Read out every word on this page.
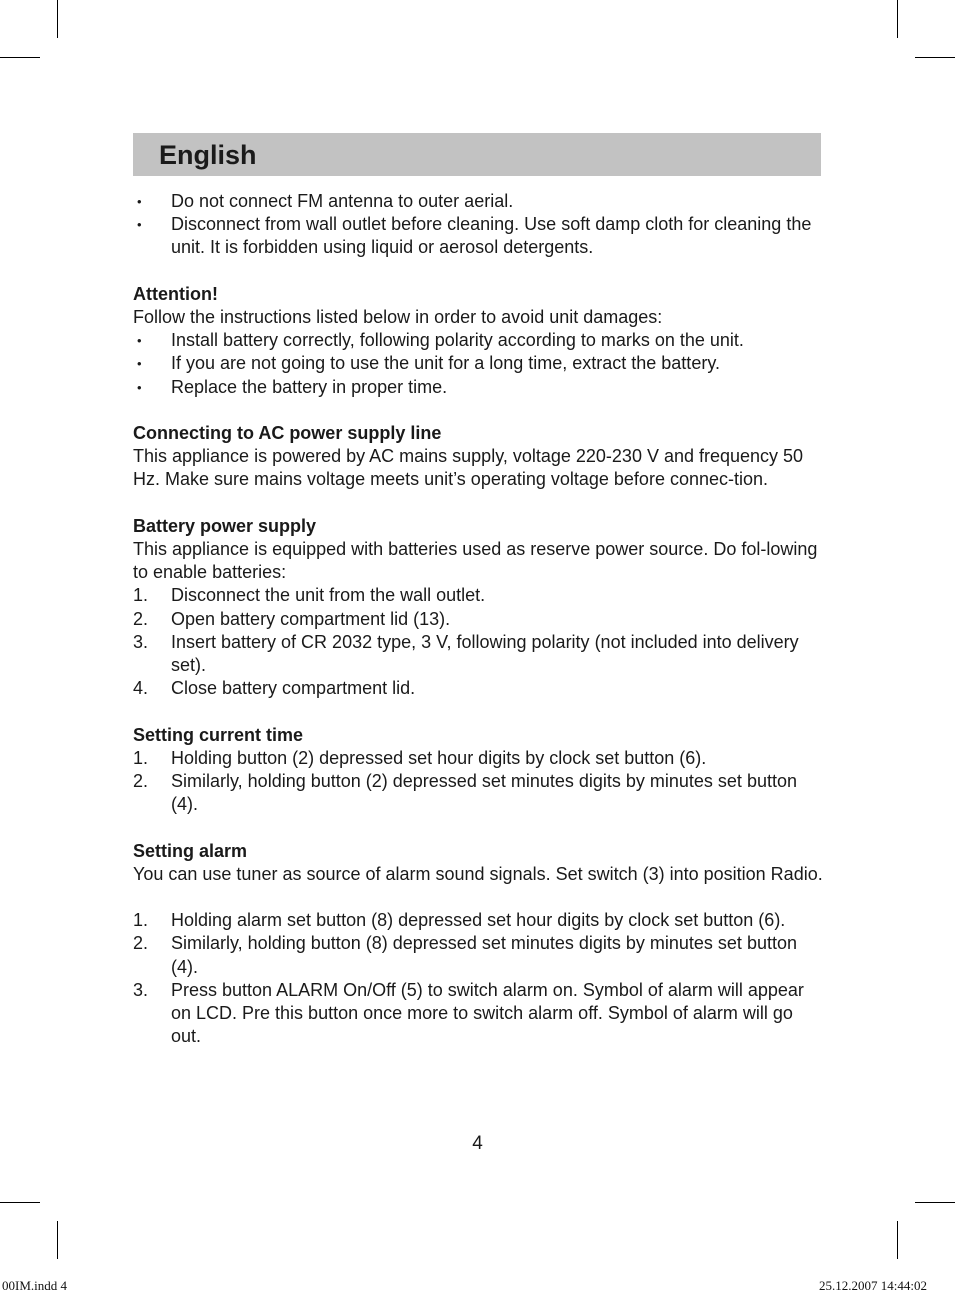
English
• Do not connect FM antenna to outer aerial.
• Disconnect from wall outlet before cleaning. Use soft damp cloth for cleaning the unit. It is forbidden using liquid or aerosol detergents.
Attention!
Follow the instructions listed below in order to avoid unit damages:
• Install battery correctly, following polarity according to marks on the unit.
• If you are not going to use the unit for a long time, extract the battery.
• Replace the battery in proper time.
Connecting to AC power supply line
This appliance is powered by AC mains supply, voltage 220-230 V and frequency 50 Hz. Make sure mains voltage meets unit’s operating voltage before connec-tion.
Battery power supply
This appliance is equipped with batteries used as reserve power source. Do fol-lowing to enable batteries:
1. Disconnect the unit from the wall outlet.
2. Open battery compartment lid (13).
3. Insert battery of CR 2032 type, 3 V, following polarity (not included into delivery set).
4. Close battery compartment lid.
Setting current time
1. Holding button (2) depressed set hour digits by clock set button (6).
2. Similarly, holding button (2) depressed set minutes digits by minutes set button (4).
Setting alarm
You can use tuner as source of alarm sound signals. Set switch (3) into position Radio.
1. Holding alarm set button (8) depressed set hour digits by clock set button (6).
2. Similarly, holding button (8) depressed set minutes digits by minutes set button (4).
3. Press button ALARM On/Off (5) to switch alarm on. Symbol of alarm will appear on LCD. Pre this button once more to switch alarm off. Symbol of alarm will go out.
4
00IM.indd 4	25.12.2007 14:44:02
